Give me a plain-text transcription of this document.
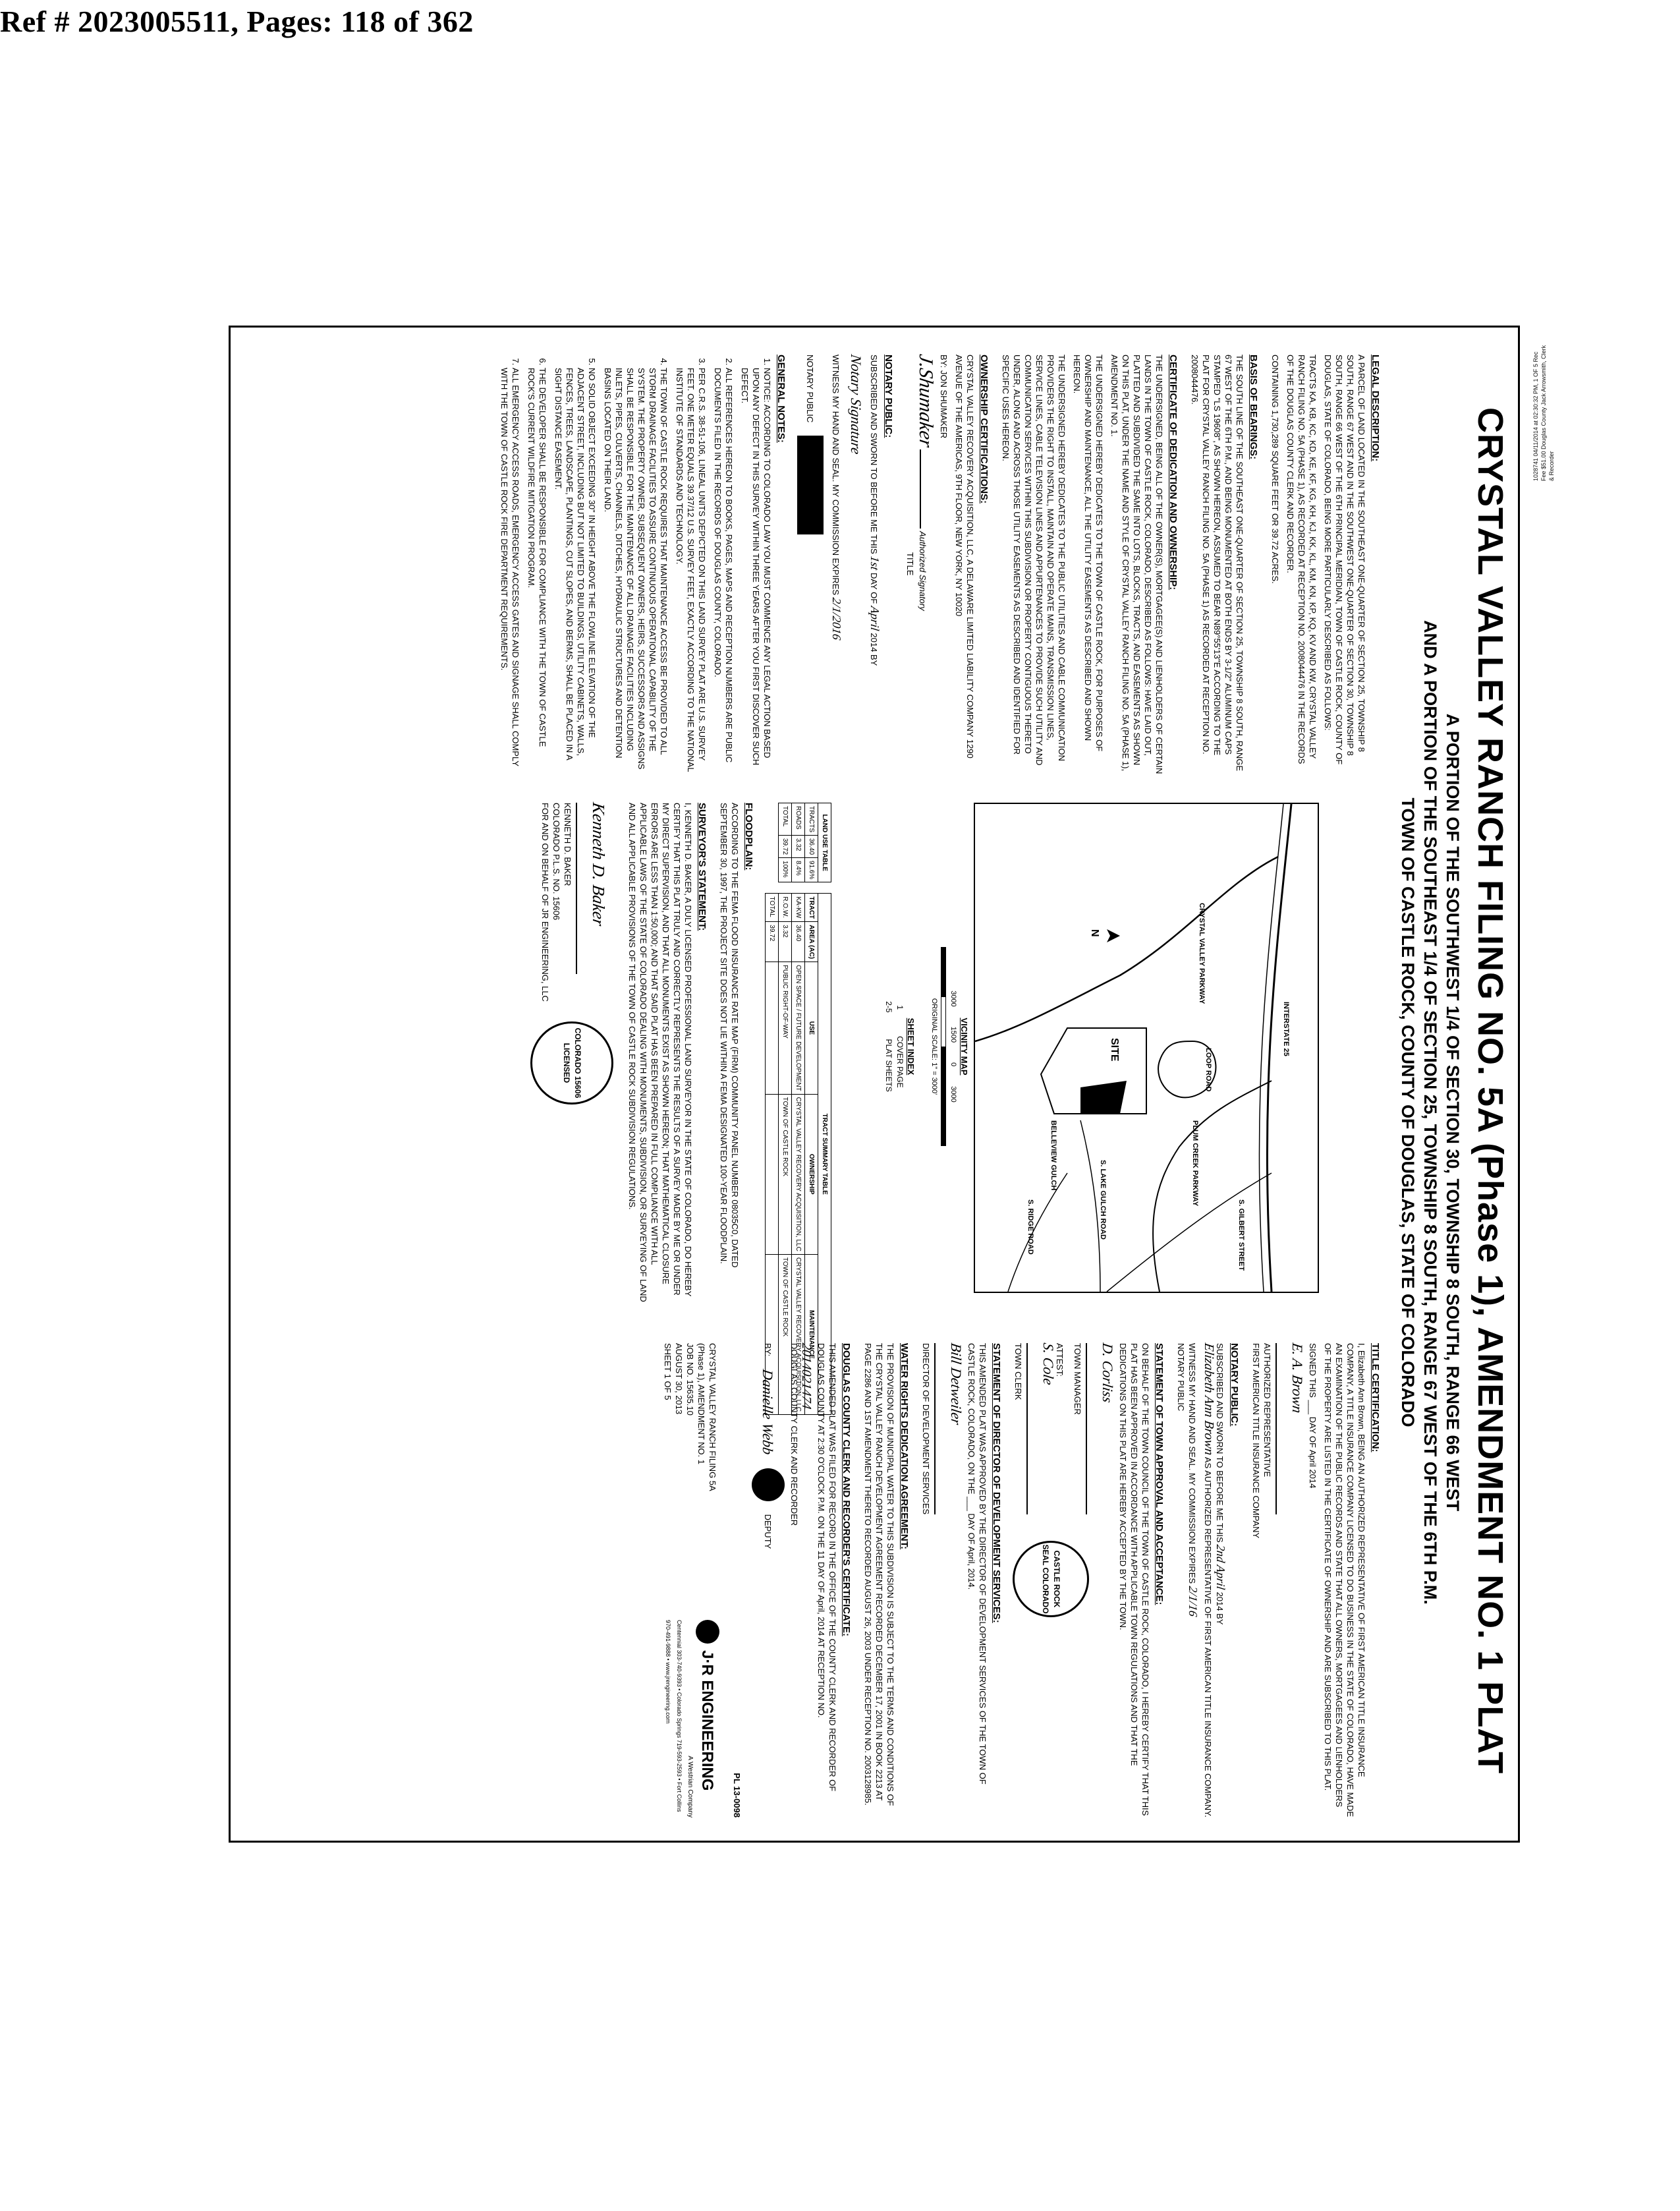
Ref # 2023005511, Pages: 118 of 362
1028741 04/11/2014 at 02:30:32 PM, 1 OF 5 Rec Fee $51.00 Douglas County Jack Arrowsmith, Clerk & Recorder
CRYSTAL VALLEY RANCH FILING NO. 5A (Phase 1), AMENDMENT NO. 1 PLAT
A PORTION OF THE SOUTHWEST 1/4 OF SECTION 30, TOWNSHIP 8 SOUTH, RANGE 66 WEST
AND A PORTION OF THE SOUTHEAST 1/4 OF SECTION 25, TOWNSHIP 8 SOUTH, RANGE 67 WEST OF THE 6TH P.M.
TOWN OF CASTLE ROCK, COUNTY OF DOUGLAS, STATE OF COLORADO
LEGAL DESCRIPTION:

A PARCEL OF LAND LOCATED IN THE SOUTHEAST ONE-QUARTER OF SECTION 25, TOWNSHIP 8 SOUTH, RANGE 67 WEST AND IN THE SOUTHWEST ONE-QUARTER OF SECTION 30, TOWNSHIP 8 SOUTH, RANGE 66 WEST OF THE 6TH PRINCIPAL MERIDIAN, TOWN OF CASTLE ROCK, COUNTY OF DOUGLAS, STATE OF COLORADO, BEING MORE PARTICULARLY DESCRIBED AS FOLLOWS:

TRACTS KA, KB, KC, KD, KE, KF, KG, KH, KJ, KK, KL, KM, KN, KP, KQ, KV AND KW, CRYSTAL VALLEY RANCH FILING NO. 5A (PHASE 1), AS RECORDED AT RECEPTION NO. 2008044476 IN THE RECORDS OF THE DOUGLAS COUNTY CLERK AND RECORDER.

CONTAINING 1,730,289 SQUARE FEET OR 39.72 ACRES.

BASIS OF BEARINGS:

THE SOUTH LINE OF THE SOUTHEAST ONE-QUARTER OF SECTION 25, TOWNSHIP 8 SOUTH, RANGE 67 WEST OF THE 6TH P.M., AND BEING MONUMENTED AT BOTH ENDS BY 3-1/2" ALUMINUM CAPS STAMPED "LS 19608", AS SHOWN HEREON, ASSUMED TO BEAR N89°55'13"E ACCORDING TO THE PLAT FOR CRYSTAL VALLEY RANCH FILING NO. 5A (PHASE 1) AS RECORDED AT RECEPTION NO. 2008044476.

CERTIFICATE OF DEDICATION AND OWNERSHIP:

THE UNDERSIGNED, BEING ALL OF THE OWNER(S), MORTGAGEE(S) AND LIENHOLDERS OF CERTAIN LANDS IN THE TOWN OF CASTLE ROCK, COLORADO, DESCRIBED AS FOLLOWS: HAVE LAID OUT, PLATTED AND SUBDIVIDED THE SAME INTO LOTS, BLOCKS, TRACTS, AND EASEMENTS AS SHOWN ON THIS PLAT, UNDER THE NAME AND STYLE OF CRYSTAL VALLEY RANCH FILING NO. 5A (PHASE 1), AMENDMENT NO. 1.

THE UNDERSIGNED HEREBY DEDICATES TO THE TOWN OF CASTLE ROCK, FOR PURPOSES OF OWNERSHIP AND MAINTENANCE, ALL THE UTILITY EASEMENTS AS DESCRIBED AND SHOWN HEREON.

THE UNDERSIGNED HEREBY DEDICATES TO THE PUBLIC UTILITIES AND CABLE COMMUNICATION PROVIDERS THE RIGHT TO INSTALL, MAINTAIN AND OPERATE MAINS, TRANSMISSION LINES, SERVICE LINES, CABLE TELEVISION LINES AND APPURTENANCES TO PROVIDE SUCH UTILITY AND COMMUNICATION SERVICES WITHIN THIS SUBDIVISION OR PROPERTY CONTIGUOUS THERETO UNDER, ALONG AND ACROSS THOSE UTILITY EASEMENTS AS DESCRIBED AND IDENTIFIED FOR SPECIFIC USES HEREON.

OWNERSHIP CERTIFICATIONS:

CRYSTAL VALLEY RECOVERY ACQUISITION, LLC, A DELAWARE LIMITED LIABILITY COMPANY 1290 AVENUE OF THE AMERICAS, 9TH FLOOR, NEW YORK, NY 10020

BY: JON SHUMAKER

J.Shumaker  Authorized Signatory
TITLE
NOTARY PUBLIC:
SUBSCRIBED AND SWORN TO BEFORE ME THIS 1st DAY OF April 2014 BY
Notary Signature
WITNESS MY HAND AND SEAL. MY COMMISSION EXPIRES 2/1/2016
NOTARY PUBLIC
GENERAL NOTES:
1. NOTICE: ACCORDING TO COLORADO LAW YOU MUST COMMENCE ANY LEGAL ACTION BASED UPON ANY DEFECT IN THIS SURVEY WITHIN THREE YEARS AFTER YOU FIRST DISCOVER SUCH DEFECT.
2. ALL REFERENCES HEREON TO BOOKS, PAGES, MAPS AND RECEPTION NUMBERS ARE PUBLIC DOCUMENTS FILED IN THE RECORDS OF DOUGLAS COUNTY, COLORADO.
3. PER C.R.S. 38-51-106, LINEAL UNITS DEPICTED ON THIS LAND SURVEY PLAT ARE U.S. SURVEY FEET. ONE METER EQUALS 39.37/12 U.S. SURVEY FEET, EXACTLY ACCORDING TO THE NATIONAL INSTITUTE OF STANDARDS AND TECHNOLOGY.
4. THE TOWN OF CASTLE ROCK REQUIRES THAT MAINTENANCE ACCESS BE PROVIDED TO ALL STORM DRAINAGE FACILITIES TO ASSURE CONTINUOUS OPERATIONAL CAPABILITY OF THE SYSTEM. THE PROPERTY OWNER, SUBSEQUENT OWNERS, HEIRS, SUCCESSORS AND ASSIGNS SHALL BE RESPONSIBLE FOR THE MAINTENANCE OF ALL DRAINAGE FACILITIES INCLUDING INLETS, PIPES, CULVERTS, CHANNELS, DITCHES, HYDRAULIC STRUCTURES AND DETENTION BASINS LOCATED ON THEIR LAND.
5. NO SOLID OBJECT EXCEEDING 30" IN HEIGHT ABOVE THE FLOWLINE ELEVATION OF THE ADJACENT STREET, INCLUDING BUT NOT LIMITED TO BUILDINGS, UTILITY CABINETS, WALLS, FENCES, TREES, LANDSCAPE, PLANTINGS, CUT SLOPES, AND BERMS, SHALL BE PLACED IN A SIGHT DISTANCE EASEMENT.
6. THE DEVELOPER SHALL BE RESPONSIBLE FOR COMPLIANCE WITH THE TOWN OF CASTLE ROCK'S CURRENT WILDFIRE MITIGATION PROGRAM.
7. ALL EMERGENCY ACCESS ROADS, EMERGENCY ACCESS GATES AND SIGNAGE SHALL COMPLY WITH THE TOWN OF CASTLE ROCK FIRE DEPARTMENT REQUIREMENTS.
INTERSTATE 25
CRYSTAL VALLEY PARKWAY
PLUM CREEK PARKWAY
S. GILBERT STREET
LOOP ROAD
S. LAKE GULCH ROAD
S. RIDGE ROAD
BELLEVIEW GULCH
SITE
N
VICINITY MAP
3000
1500
0
3000
ORIGINAL SCALE: 1" = 3000'
SHEET INDEX
1
COVER PAGE
2-5
PLAT SHEETS
LAND USE TABLE		
TRACTS	36.40	91.6%
ROADS	3.32	8.4%
TOTAL	39.72	100%
TRACT SUMMARY TABLE				
TRACT	AREA (AC)	USE	OWNERSHIP	MAINTENANCE
KA-KW	36.40	OPEN SPACE / FUTURE DEVELOPMENT	CRYSTAL VALLEY RECOVERY ACQUISITION, LLC	CRYSTAL VALLEY RECOVERY ACQUISITION, LLC
R.O.W.	3.32	PUBLIC RIGHT-OF-WAY	TOWN OF CASTLE ROCK	TOWN OF CASTLE ROCK
TOTAL	39.72			
FLOODPLAIN:

ACCORDING TO THE FEMA FLOOD INSURANCE RATE MAP (FIRM) COMMUNITY PANEL NUMBER 08035C0, DATED SEPTEMBER 30, 1997, THE PROJECT SITE DOES NOT LIE WITHIN A FEMA DESIGNATED 100-YEAR FLOODPLAIN.

SURVEYOR'S STATEMENT:

I, KENNETH D. BAKER, A DULY LICENSED PROFESSIONAL LAND SURVEYOR IN THE STATE OF COLORADO, DO HEREBY CERTIFY THAT THIS PLAT TRULY AND CORRECTLY REPRESENTS THE RESULTS OF A SURVEY MADE BY ME OR UNDER MY DIRECT SUPERVISION, AND THAT ALL MONUMENTS EXIST AS SHOWN HEREON; THAT MATHEMATICAL CLOSURE ERRORS ARE LESS THAN 1:50,000; AND THAT SAID PLAT HAS BEEN PREPARED IN FULL COMPLIANCE WITH ALL APPLICABLE LAWS OF THE STATE OF COLORADO DEALING WITH MONUMENTS, SUBDIVISION, OR SURVEYING OF LAND AND ALL APPLICABLE PROVISIONS OF THE TOWN OF CASTLE ROCK SUBDIVISION REGULATIONS.

Kenneth D. Baker
KENNETH D. BAKER
COLORADO P.L.S. NO. 15606
FOR AND ON BEHALF OF JR ENGINEERING, LLC
COLORADO 15606 LICENSED
TITLE CERTIFICATION:

I, Elizabeth Ann Brown, BEING AN AUTHORIZED REPRESENTATIVE OF FIRST AMERICAN TITLE INSURANCE COMPANY, A TITLE INSURANCE COMPANY LICENSED TO DO BUSINESS IN THE STATE OF COLORADO, HAVE MADE AN EXAMINATION OF THE PUBLIC RECORDS AND STATE THAT ALL OWNERS, MORTGAGEES AND LIENHOLDERS OF THE PROPERTY ARE LISTED IN THE CERTIFICATE OF OWNERSHIP AND ARE SUBSCRIBED TO THIS PLAT.

SIGNED THIS ___ DAY OF April 2014

E. A. Brown
AUTHORIZED REPRESENTATIVE
FIRST AMERICAN TITLE INSURANCE COMPANY
NOTARY PUBLIC:
SUBSCRIBED AND SWORN TO BEFORE ME THIS 2nd April 2014 BY
Elizabeth Ann Brown AS AUTHORIZED REPRESENTATIVE OF FIRST AMERICAN TITLE INSURANCE COMPANY.
WITNESS MY HAND AND SEAL. MY COMMISSION EXPIRES 2/1/16
NOTARY PUBLIC
STATEMENT OF TOWN APPROVAL AND ACCEPTANCE:

ON BEHALF OF THE TOWN COUNCIL OF THE TOWN OF CASTLE ROCK, COLORADO, I HEREBY CERTIFY THAT THIS PLAT HAS BEEN APPROVED IN ACCORDANCE WITH APPLICABLE TOWN REGULATIONS AND THAT THE DEDICATIONS ON THIS PLAT ARE HEREBY ACCEPTED BY THE TOWN.

D. Corliss
TOWN MANAGER
ATTEST:
S. Cole
TOWN CLERK
CASTLE ROCK SEAL COLORADO
STATEMENT OF DIRECTOR OF DEVELOPMENT SERVICES:

THIS AMENDED PLAT WAS APPROVED BY THE DIRECTOR OF DEVELOPMENT SERVICES OF THE TOWN OF CASTLE ROCK, COLORADO, ON THE ___ DAY OF April, 2014.

Bill Detweiler
DIRECTOR OF DEVELOPMENT SERVICES
WATER RIGHTS DEDICATION AGREEMENT:

THE PROVISION OF MUNICIPAL WATER TO THIS SUBDIVISION IS SUBJECT TO THE TERMS AND CONDITIONS OF THE CRYSTAL VALLEY RANCH DEVELOPMENT AGREEMENT RECORDED DECEMBER 17, 2001 IN BOOK 2213 AT PAGE 2286 AND 1ST AMENDMENT THERETO RECORDED AUGUST 26, 2003 UNDER RECEPTION NO. 2003128985.

DOUGLAS COUNTY CLERK AND RECORDER'S CERTIFICATE:

THIS AMENDED PLAT WAS FILED FOR RECORD IN THE OFFICE OF THE COUNTY CLERK AND RECORDER OF DOUGLAS COUNTY AT 2:30 O'CLOCK P.M. ON THE 11 DAY OF April, 2014 AT RECEPTION NO.

2014021474
DOUGLAS COUNTY CLERK AND RECORDER
BY:
Danielle Webb
DEPUTY
PL 13-0098
CRYSTAL VALLEY RANCH FILING 5A
(Phase 1), AMENDMENT NO. 1
JOB NO. 15635.10
AUGUST 30, 2013
SHEET 1 OF 5
J·R ENGINEERING
A Westrian Company
Centennial 303-740-9393 • Colorado Springs 719-593-2593 • Fort Collins 970-491-9888 • www.jrengineering.com
